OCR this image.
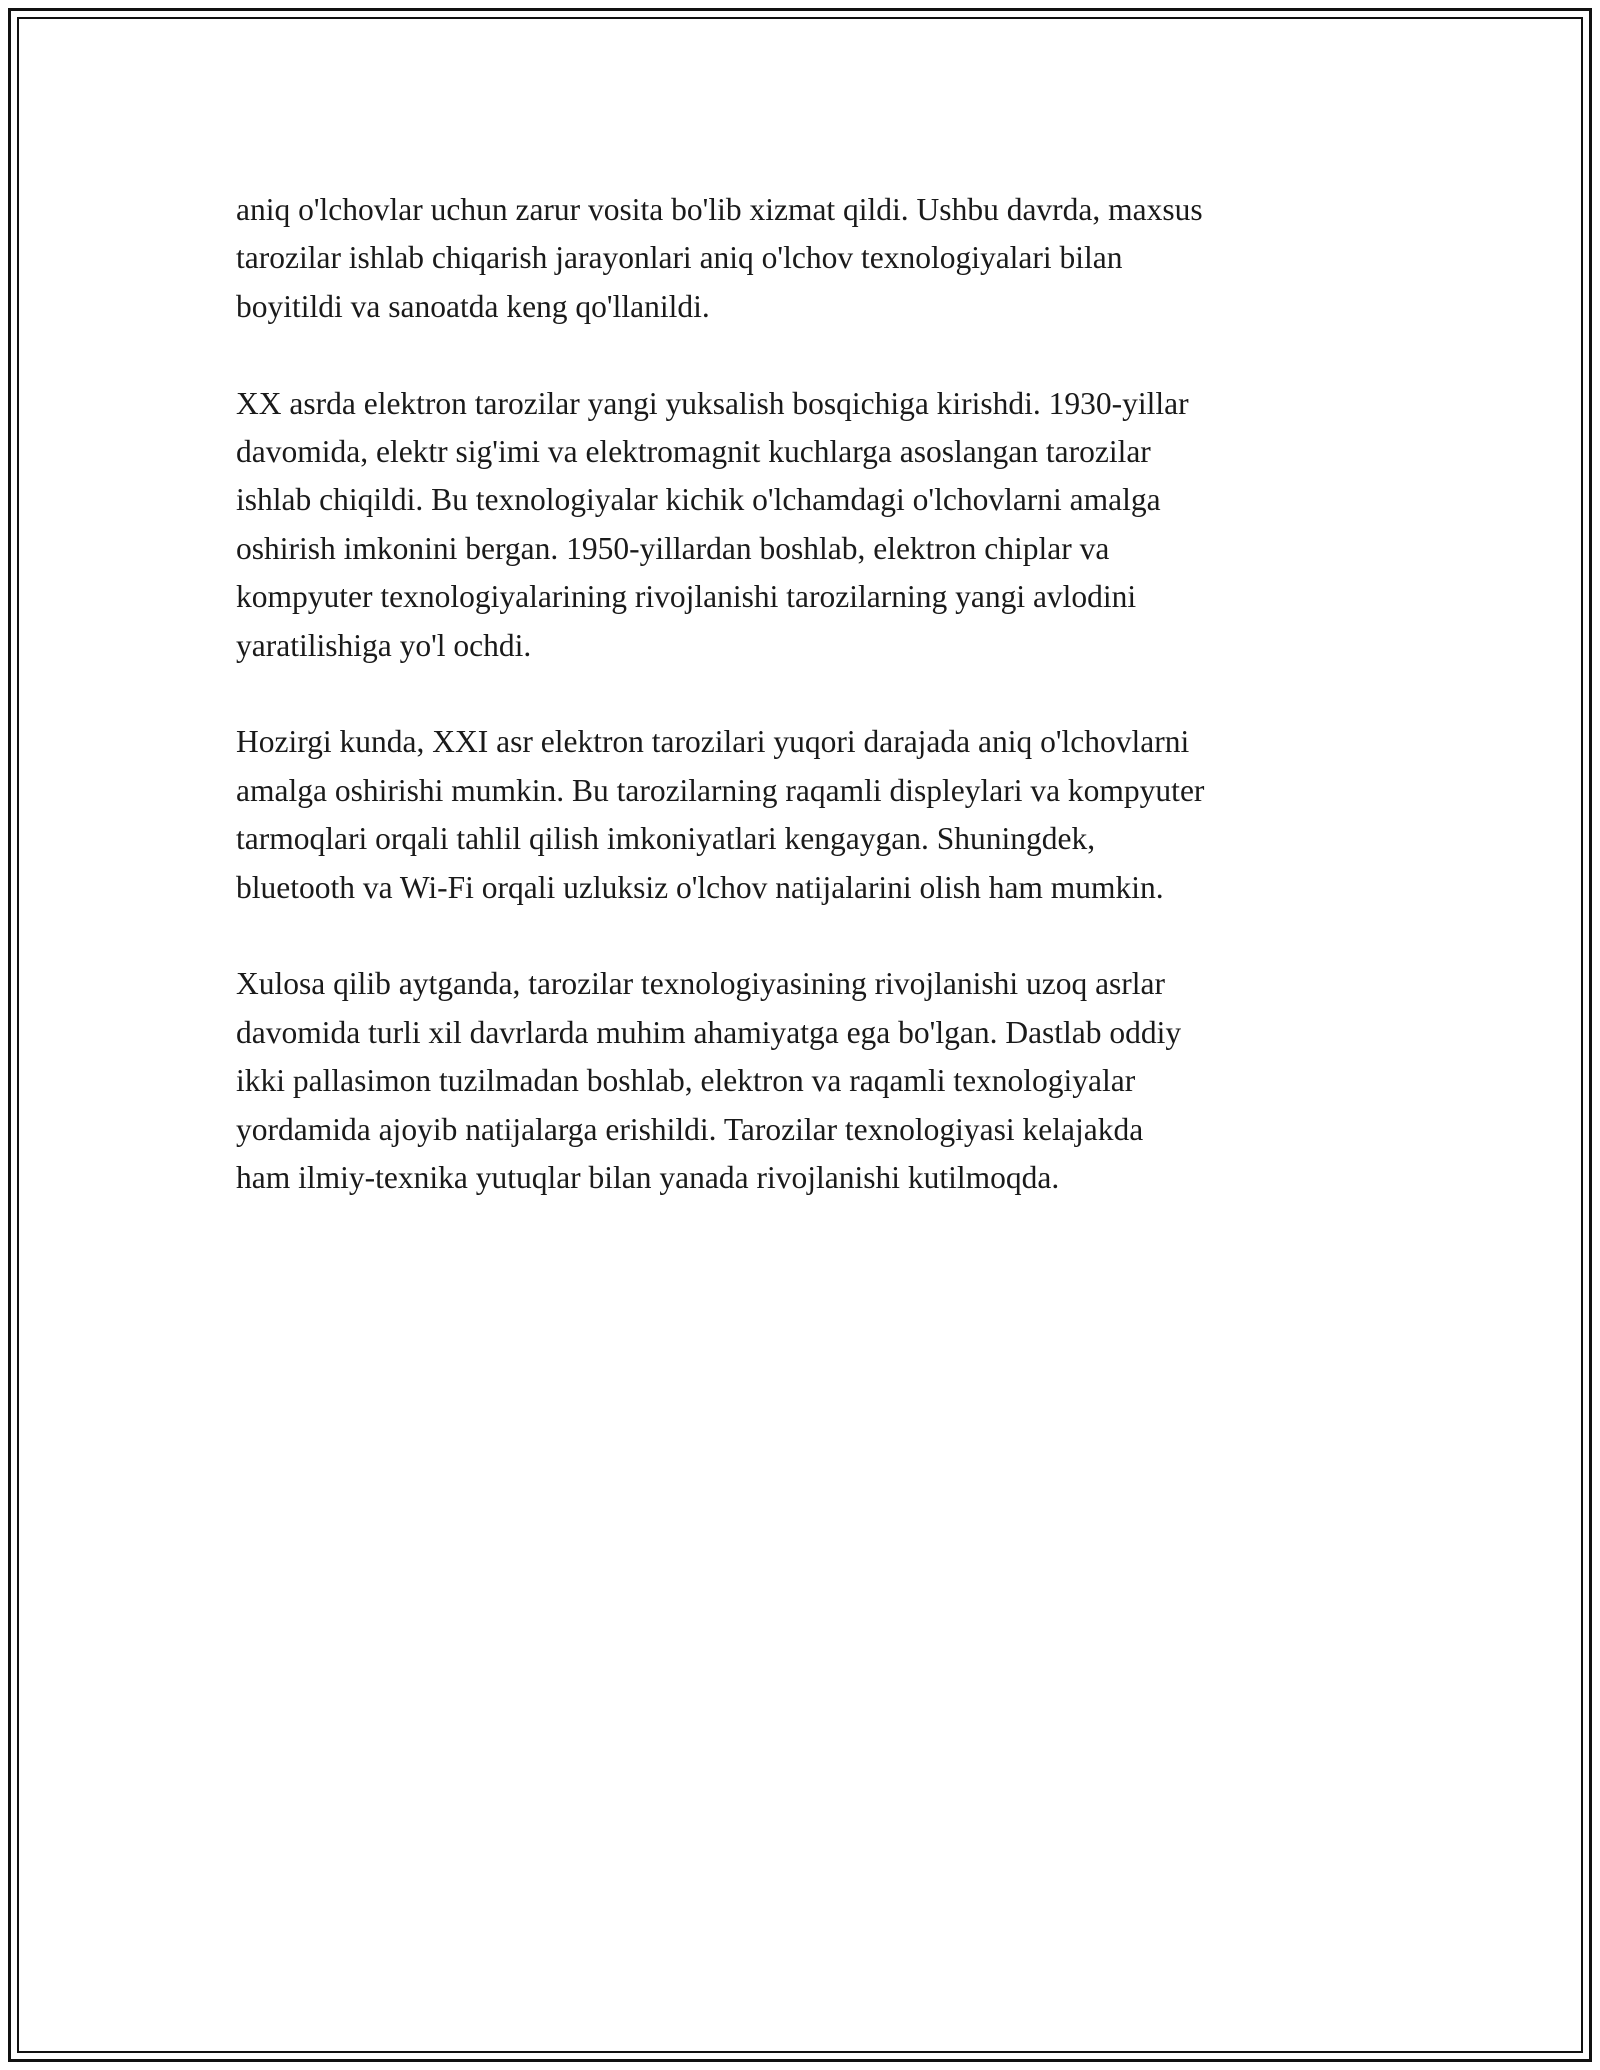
aniq o'lchovlar uchun zarur vosita bo'lib xizmat qildi. Ushbu davrda, maxsus
tarozilar ishlab chiqarish jarayonlari aniq o'lchov texnologiyalari bilan
boyitildi va sanoatda keng qo'llanildi.

XX asrda elektron tarozilar yangi yuksalish bosqichiga kirishdi. 1930-yillar
davomida, elektr sig'imi va elektromagnit kuchlarga asoslangan tarozilar
ishlab chiqildi. Bu texnologiyalar kichik o'lchamdagi o'lchovlarni amalga
oshirish imkonini bergan. 1950-yillardan boshlab, elektron chiplar va
kompyuter texnologiyalarining rivojlanishi tarozilarning yangi avlodini
yaratilishiga yo'l ochdi.

Hozirgi kunda, XXI asr elektron tarozilari yuqori darajada aniq o'lchovlarni
amalga oshirishi mumkin. Bu tarozilarning raqamli displeylari va kompyuter
tarmoqlari orqali tahlil qilish imkoniyatlari kengaygan. Shuningdek,
bluetooth va Wi-Fi orqali uzluksiz o'lchov natijalarini olish ham mumkin.

Xulosa qilib aytganda, tarozilar texnologiyasining rivojlanishi uzoq asrlar
davomida turli xil davrlarda muhim ahamiyatga ega bo'lgan. Dastlab oddiy
ikki pallasimon tuzilmadan boshlab, elektron va raqamli texnologiyalar
yordamida ajoyib natijalarga erishildi. Tarozilar texnologiyasi kelajakda
ham ilmiy-texnika yutuqlar bilan yanada rivojlanishi kutilmoqda.
